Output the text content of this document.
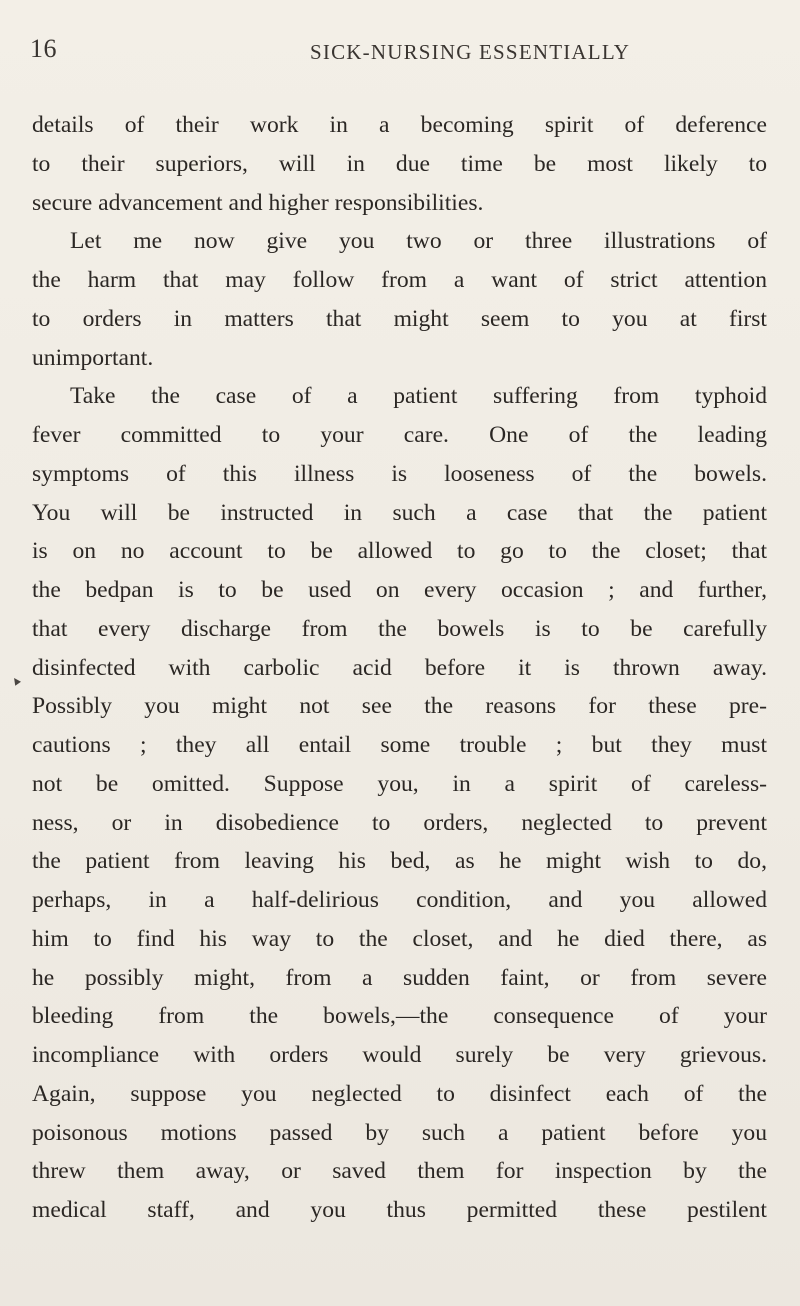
16	SICK-NURSING ESSENTIALLY
▲
details of their work in a becoming spirit of deference
to their superiors, will in due time be most likely to
secure advancement and higher responsibilities.
Let me now give you two or three illustrations of
the harm that may follow from a want of strict attention
to orders in matters that might seem to you at first
unimportant.
Take the case of a patient suffering from typhoid
fever committed to your care. One of the leading
symptoms of this illness is looseness of the bowels.
You will be instructed in such a case that the patient
is on no account to be allowed to go to the closet; that
the bedpan is to be used on every occasion ; and further,
that every discharge from the bowels is to be carefully
disinfected with carbolic acid before it is thrown away.
Possibly you might not see the reasons for these pre-
cautions ; they all entail some trouble ; but they must
not be omitted. Suppose you, in a spirit of careless-
ness, or in disobedience to orders, neglected to prevent
the patient from leaving his bed, as he might wish to do,
perhaps, in a half-delirious condition, and you allowed
him to find his way to the closet, and he died there, as
he possibly might, from a sudden faint, or from severe
bleeding from the bowels,—the consequence of your
incompliance with orders would surely be very grievous.
Again, suppose you neglected to disinfect each of the
poisonous motions passed by such a patient before you
threw them away, or saved them for inspection by the
medical staff, and you thus permitted these pestilent
